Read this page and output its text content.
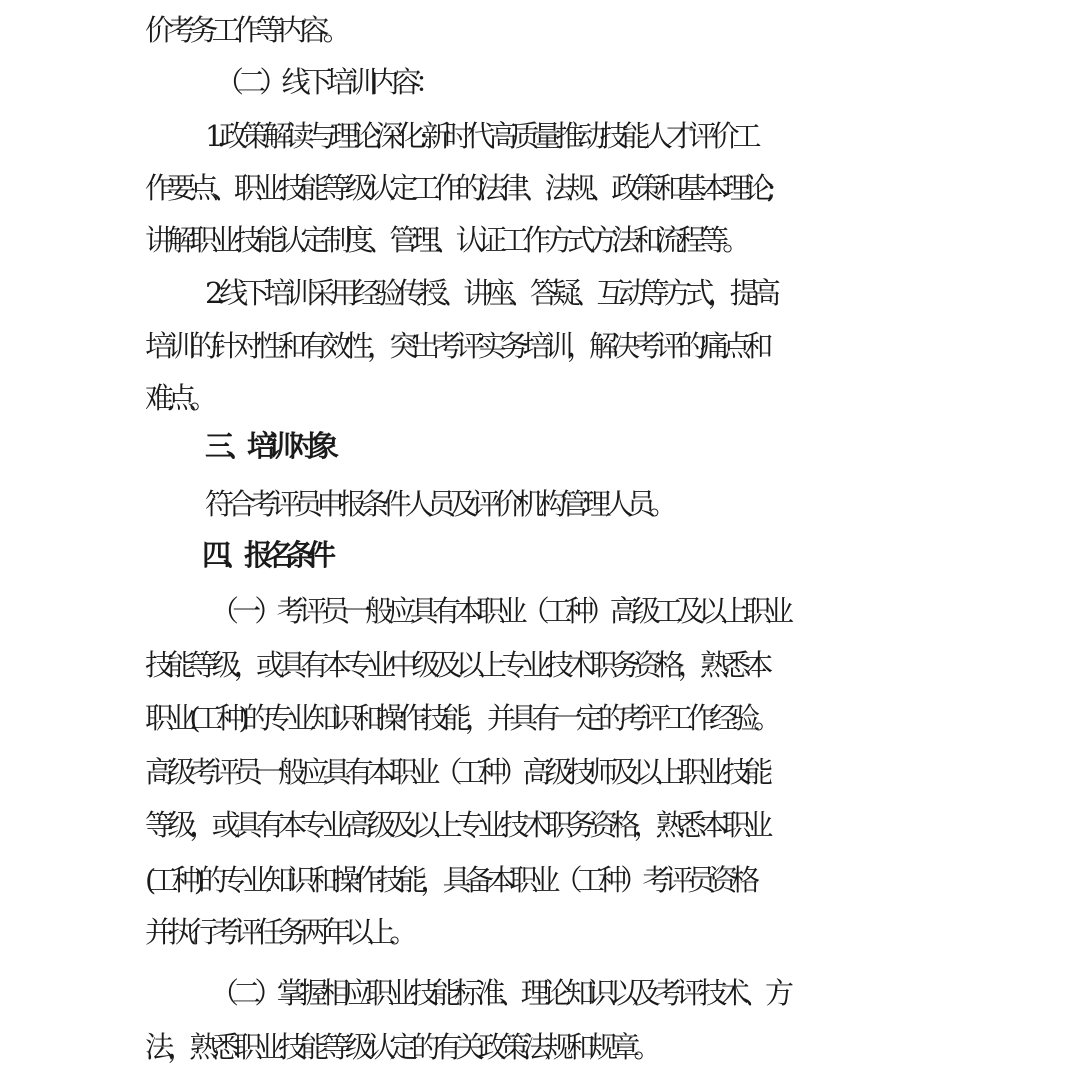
价考务工作等内容。
（二）线下培训内容：
1.政策解读与理论深化:新时代高质量推动技能人才评价工
作要点、职业技能等级认定工作的法律、法规、政策和基本理论;
讲解职业技能认定制度、管理、认证工作方式方法和流程等。
2.线下培训采用经验传授、讲座、答疑、互动等方式，提高
培训的针对性和有效性，突出考评实务培训，解决考评的痛点和
难点。
三、培训对象
符合考评员申报条件人员及评价机构管理人员。
四、报名条件
（一）考评员一般应具有本职业（工种）高级工及以上职业
技能等级，或具有本专业中级及以上专业技术职务资格，熟悉本
职业(工种)的专业知识和操作技能，并具有一定的考评工作经验。
高级考评员一般应具有本职业（工种）高级技师及以上职业技能
等级，或具有本专业高级及以上专业技术职务资格，熟悉本职业
(工种)的专业知识和操作技能，具备本职业（工种）考评员资格
并执行考评任务两年以上。
（二）掌握相应职业技能标准、理论知识以及考评技术、方
法，熟悉职业技能等级认定的有关政策法规和规章。
